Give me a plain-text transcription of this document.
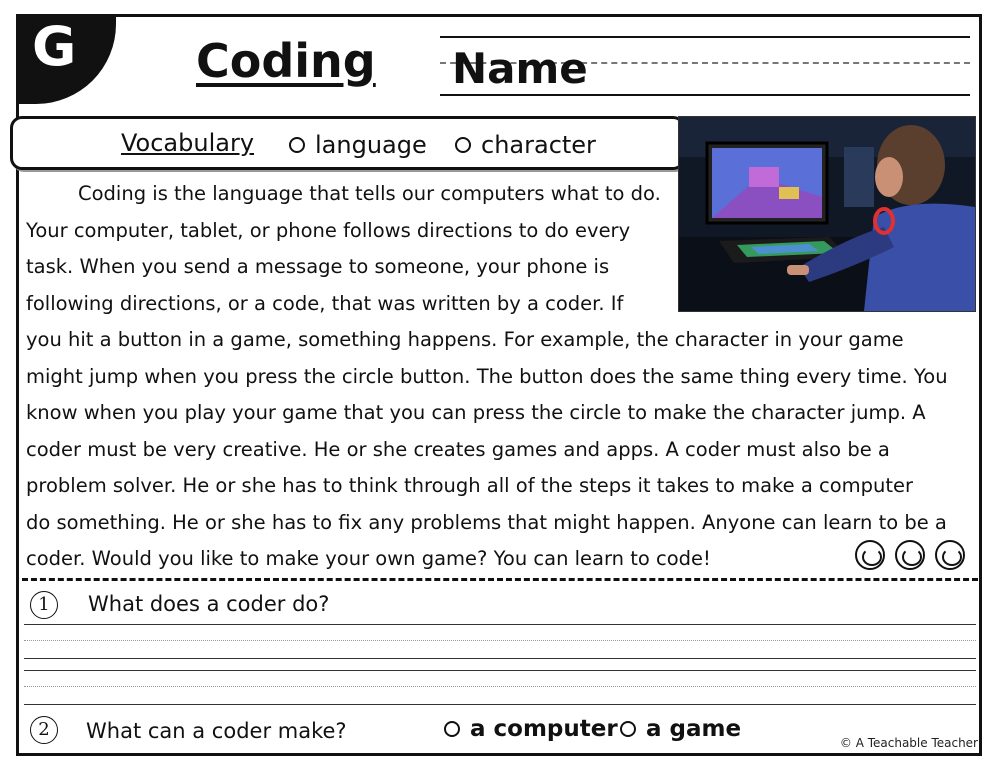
G	Coding Name
Vocabulary	language character

Coding is the language that tells our computers what to do.

Your computer, tablet, or phone follows directions to do every

task. When you send a message to someone, your phone is

following directions, or a code, that was written by a coder. If

you hit a button in a game, something happens. For example, the character in your game

might jump when you press the circle button. The button does the same thing every time. You

know when you play your game that you can press the circle to make the character jump. A

coder must be very creative. He or she creates games and apps. A coder must also be a

problem solver. He or she has to think through all of the steps it takes to make a computer

do something. He or she has to fix any problems that might happen. Anyone can learn to be a

coder. Would you like to make your own game? You can learn to code!

1	What does a coder do?
2	What can a coder make?	a computer a game
© A Teachable Teacher
